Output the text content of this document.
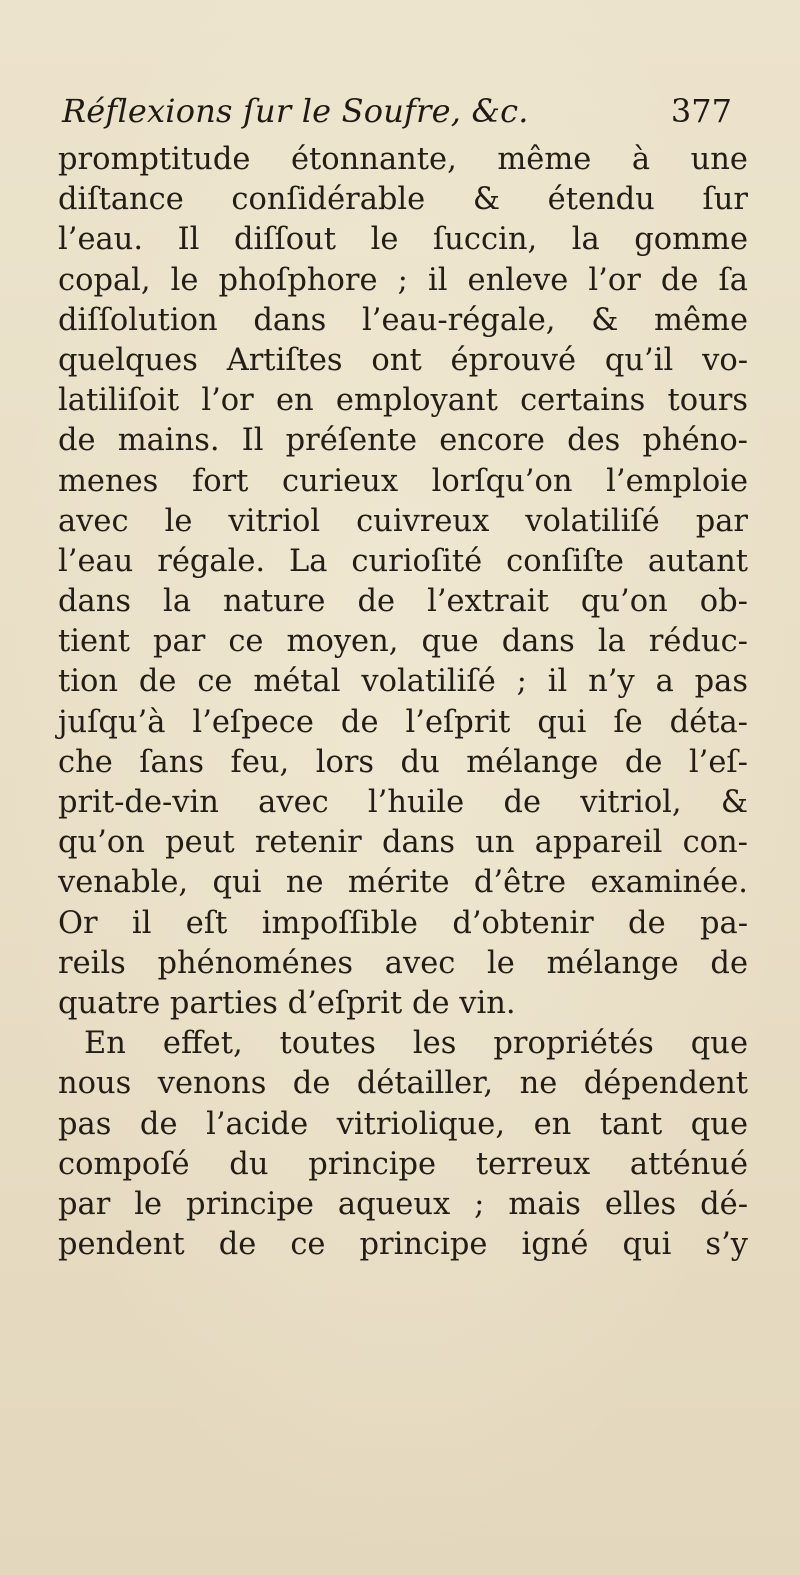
Réflexions ſur le Soufre, &c.	377
promptitude étonnante, même à une
diſtance conſidérable & étendu ſur
l’eau. Il diſſout le ſuccin, la gomme
copal, le phoſphore ; il enleve l’or de ſa
diſſolution dans l’eau-régale, & même
quelques Artiſtes ont éprouvé qu’il vo-
latiliſoit l’or en employant certains tours
de mains. Il préſente encore des phéno-
menes fort curieux lorſqu’on l’emploie
avec le vitriol cuivreux volatiliſé par
l’eau régale. La curioſité conſiſte autant
dans la nature de l’extrait qu’on ob-
tient par ce moyen, que dans la réduc-
tion de ce métal volatiliſé ; il n’y a pas
juſqu’à l’eſpece de l’eſprit qui ſe déta-
che ſans feu, lors du mélange de l’eſ-
prit-de-vin avec l’huile de vitriol, &
qu’on peut retenir dans un appareil con-
venable, qui ne mérite d’être examinée.
Or il eſt impoſſible d’obtenir de pa-
reils phénoménes avec le mélange de
quatre parties d’eſprit de vin.
En effet, toutes les propriétés que
nous venons de détailler, ne dépendent
pas de l’acide vitriolique, en tant que
compoſé du principe terreux atténué
par le principe aqueux ; mais elles dé-
pendent de ce principe igné qui s’y
